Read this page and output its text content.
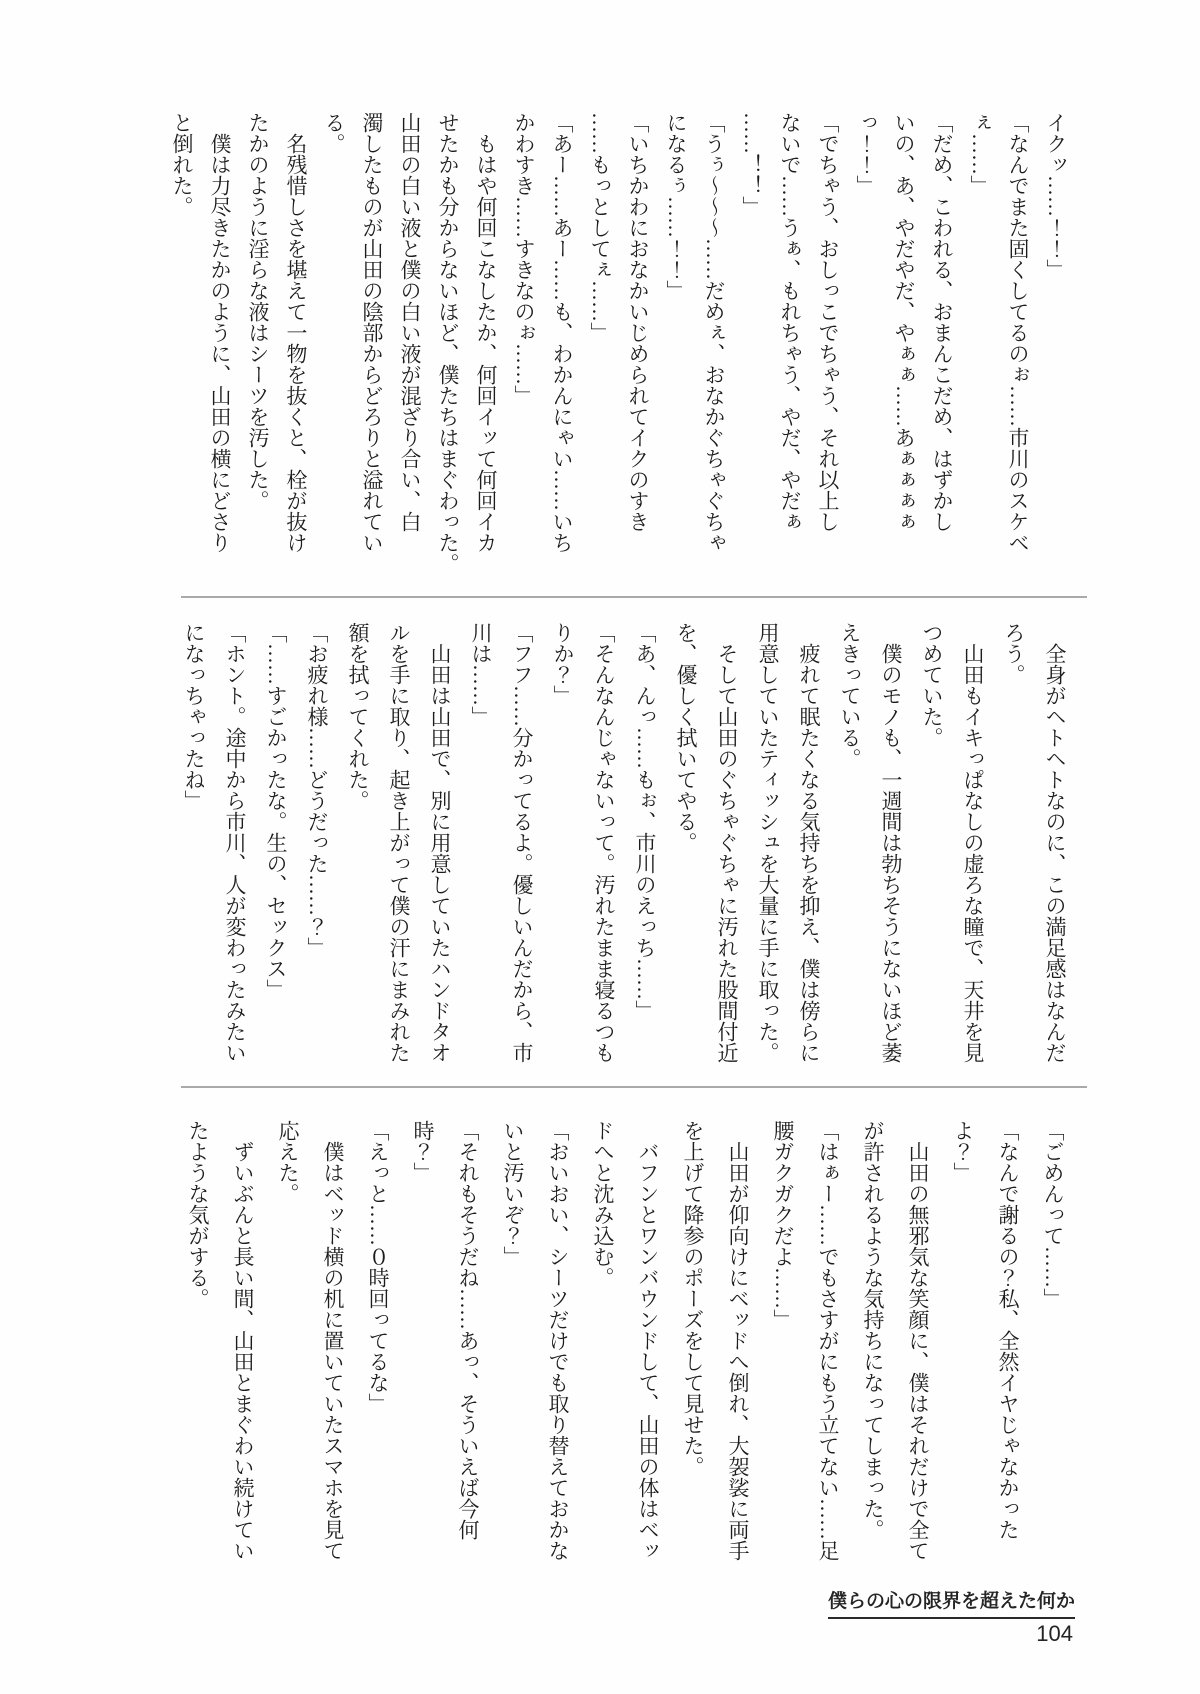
イクッ……！！」

「なんでまた固くしてるのぉ……市川のスケベ

ぇ……」

「だめ、こわれる、おまんこだめ、はずかし

いの、あ、やだやだ、やぁぁ……あぁぁぁぁ

っ！！」

「でちゃう、おしっこでちゃう、それ以上し

ないで……うぁ、もれちゃう、やだ、やだぁ

……！！」

「うぅ～～～……だめぇ、おなかぐちゃぐちゃ

になるぅ……！！」

「いちかわにおなかいじめられてイクのすき

……もっとしてぇ……」

「あー……あー……も、わかんにゃい……いち

かわすき……すきなのぉ……」

　もはや何回こなしたか、何回イッて何回イカ

せたかも分からないほど、僕たちはまぐわった。

山田の白い液と僕の白い液が混ざり合い、白

濁したものが山田の陰部からどろりと溢れてい

る。

　名残惜しさを堪えて一物を抜くと、栓が抜け

たかのように淫らな液はシーツを汚した。

　僕は力尽きたかのように、山田の横にどさり

と倒れた。

　全身がヘトヘトなのに、この満足感はなんだ

ろう。

　山田もイキっぱなしの虚ろな瞳で、天井を見

つめていた。

　僕のモノも、一週間は勃ちそうにないほど萎

えきっている。

　疲れて眠たくなる気持ちを抑え、僕は傍らに

用意していたティッシュを大量に手に取った。

　そして山田のぐちゃぐちゃに汚れた股間付近

を、優しく拭いてやる。

「あ、んっ……もぉ、市川のえっち……」

「そんなんじゃないって。汚れたまま寝るつも

りか？」

「フフ……分かってるよ。優しいんだから、市

川は……」

　山田は山田で、別に用意していたハンドタオ

ルを手に取り、起き上がって僕の汗にまみれた

額を拭ってくれた。

「お疲れ様……どうだった……？」

「……すごかったな。生の、セックス」

「ホント。途中から市川、人が変わったみたい

になっちゃったね」

「ごめんって……」

「なんで謝るの？私、全然イヤじゃなかった

よ？」

　山田の無邪気な笑顔に、僕はそれだけで全て

が許されるような気持ちになってしまった。

「はぁー……でもさすがにもう立てない……足

腰ガクガクだよ……」

　山田が仰向けにベッドへ倒れ、大袈裟に両手

を上げて降参のポーズをして見せた。

　バフンとワンバウンドして、山田の体はベッ

ドへと沈み込む。

「おいおい、シーツだけでも取り替えておかな

いと汚いぞ？」

「それもそうだね……あっ、そういえば今何

時？」

「えっと……０時回ってるな」

　僕はベッド横の机に置いていたスマホを見て

応えた。

　ずいぶんと長い間、山田とまぐわい続けてい

たような気がする。

僕らの心の限界を超えた何か
104
